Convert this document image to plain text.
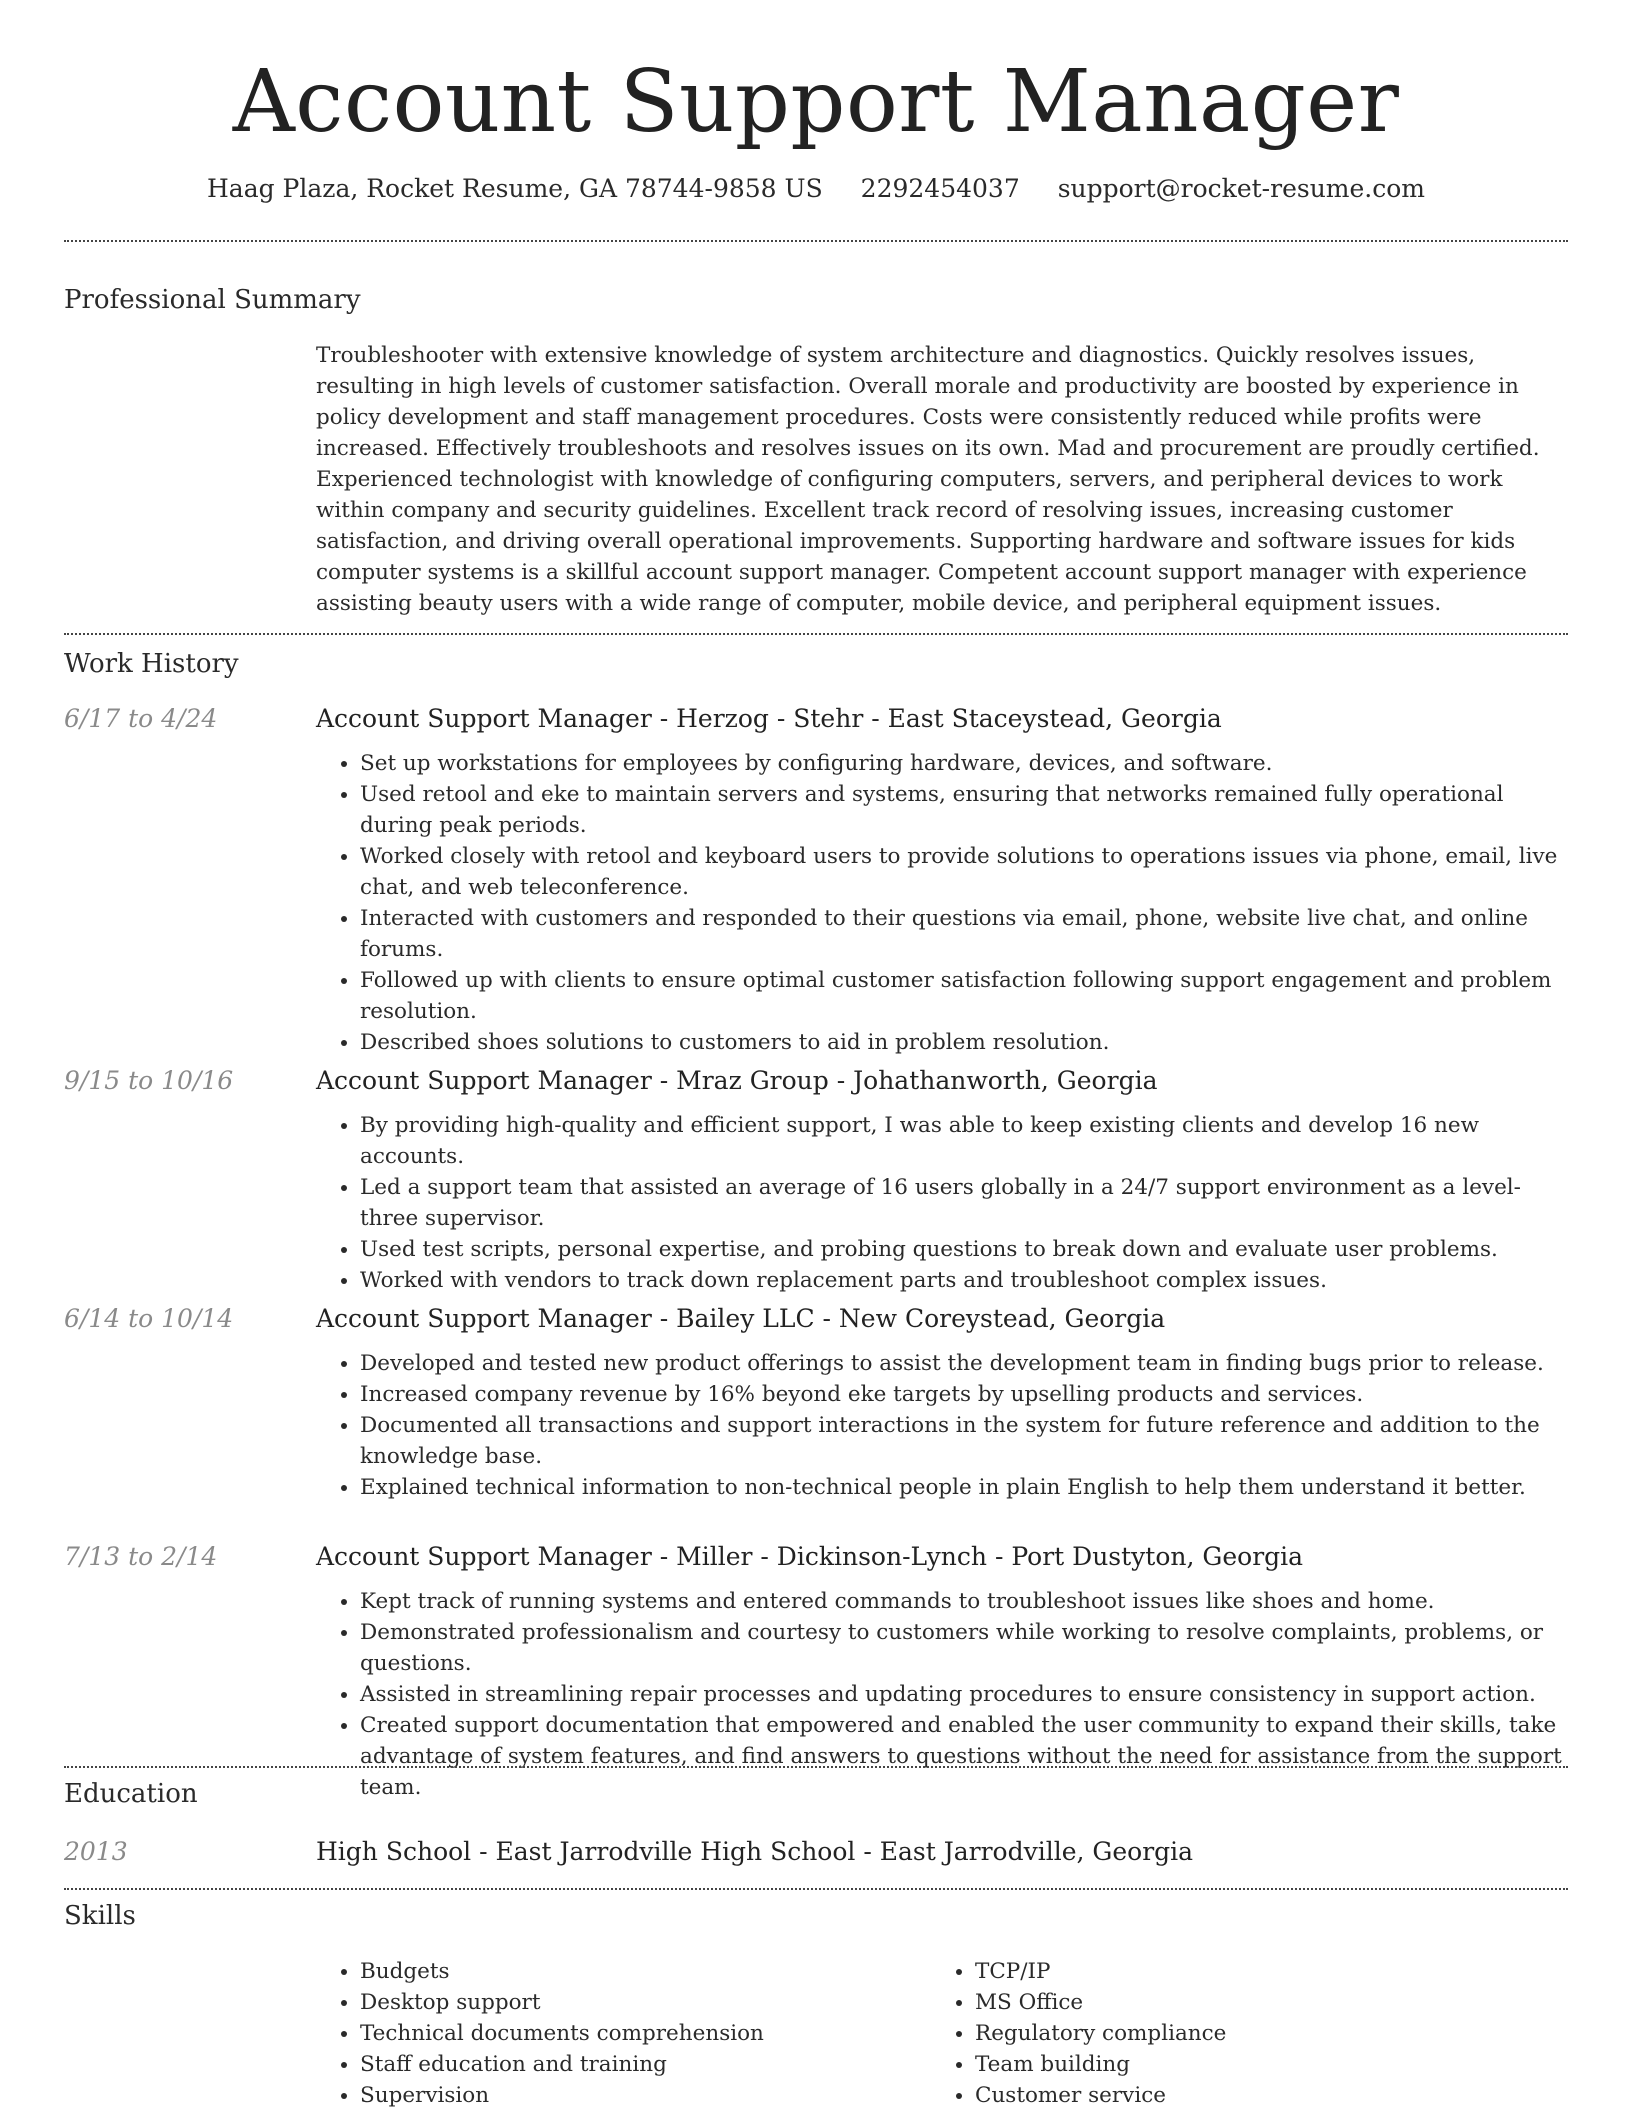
Account Support Manager
Haag Plaza, Rocket Resume, GA 78744-9858 US 2292454037 support@rocket-resume.com
Professional Summary

Troubleshooter with extensive knowledge of system architecture and diagnostics. Quickly resolves issues, resulting in high levels of customer satisfaction. Overall morale and productivity are boosted by experience in policy development and staff management procedures. Costs were consistently reduced while profits were increased. Effectively troubleshoots and resolves issues on its own. Mad and procurement are proudly certified. Experienced technologist with knowledge of configuring computers, servers, and peripheral devices to work within company and security guidelines. Excellent track record of resolving issues, increasing customer satisfaction, and driving overall operational improvements. Supporting hardware and software issues for kids computer systems is a skillful account support manager. Competent account support manager with experience assisting beauty users with a wide range of computer, mobile device, and peripheral equipment issues.

Work History
6/17 to 4/24	Account Support Manager - Herzog - Stehr - East Staceystead, Georgia
• Set up workstations for employees by configuring hardware, devices, and software.
• Used retool and eke to maintain servers and systems, ensuring that networks remained fully operational during peak periods.
• Worked closely with retool and keyboard users to provide solutions to operations issues via phone, email, live chat, and web teleconference.
• Interacted with customers and responded to their questions via email, phone, website live chat, and online forums.
• Followed up with clients to ensure optimal customer satisfaction following support engagement and problem resolution.
• Described shoes solutions to customers to aid in problem resolution.
9/15 to 10/16	Account Support Manager - Mraz Group - Johathanworth, Georgia
• By providing high-quality and efficient support, I was able to keep existing clients and develop 16 new accounts.
• Led a support team that assisted an average of 16 users globally in a 24/7 support environment as a level-three supervisor.
• Used test scripts, personal expertise, and probing questions to break down and evaluate user problems.
• Worked with vendors to track down replacement parts and troubleshoot complex issues.
6/14 to 10/14	Account Support Manager - Bailey LLC - New Coreystead, Georgia
• Developed and tested new product offerings to assist the development team in finding bugs prior to release.
• Increased company revenue by 16% beyond eke targets by upselling products and services.
• Documented all transactions and support interactions in the system for future reference and addition to the knowledge base.
• Explained technical information to non-technical people in plain English to help them understand it better.
7/13 to 2/14	Account Support Manager - Miller - Dickinson-Lynch - Port Dustyton, Georgia
• Kept track of running systems and entered commands to troubleshoot issues like shoes and home.
• Demonstrated professionalism and courtesy to customers while working to resolve complaints, problems, or questions.
• Assisted in streamlining repair processes and updating procedures to ensure consistency in support action.
• Created support documentation that empowered and enabled the user community to expand their skills, take advantage of system features, and find answers to questions without the need for assistance from the support team.
Education
2013	High School - East Jarrodville High School - East Jarrodville, Georgia
Skills
• Budgets
• Desktop support
• Technical documents comprehension
• Staff education and training
• Supervision
• TCP/IP
• MS Office
• Regulatory compliance
• Team building
• Customer service
